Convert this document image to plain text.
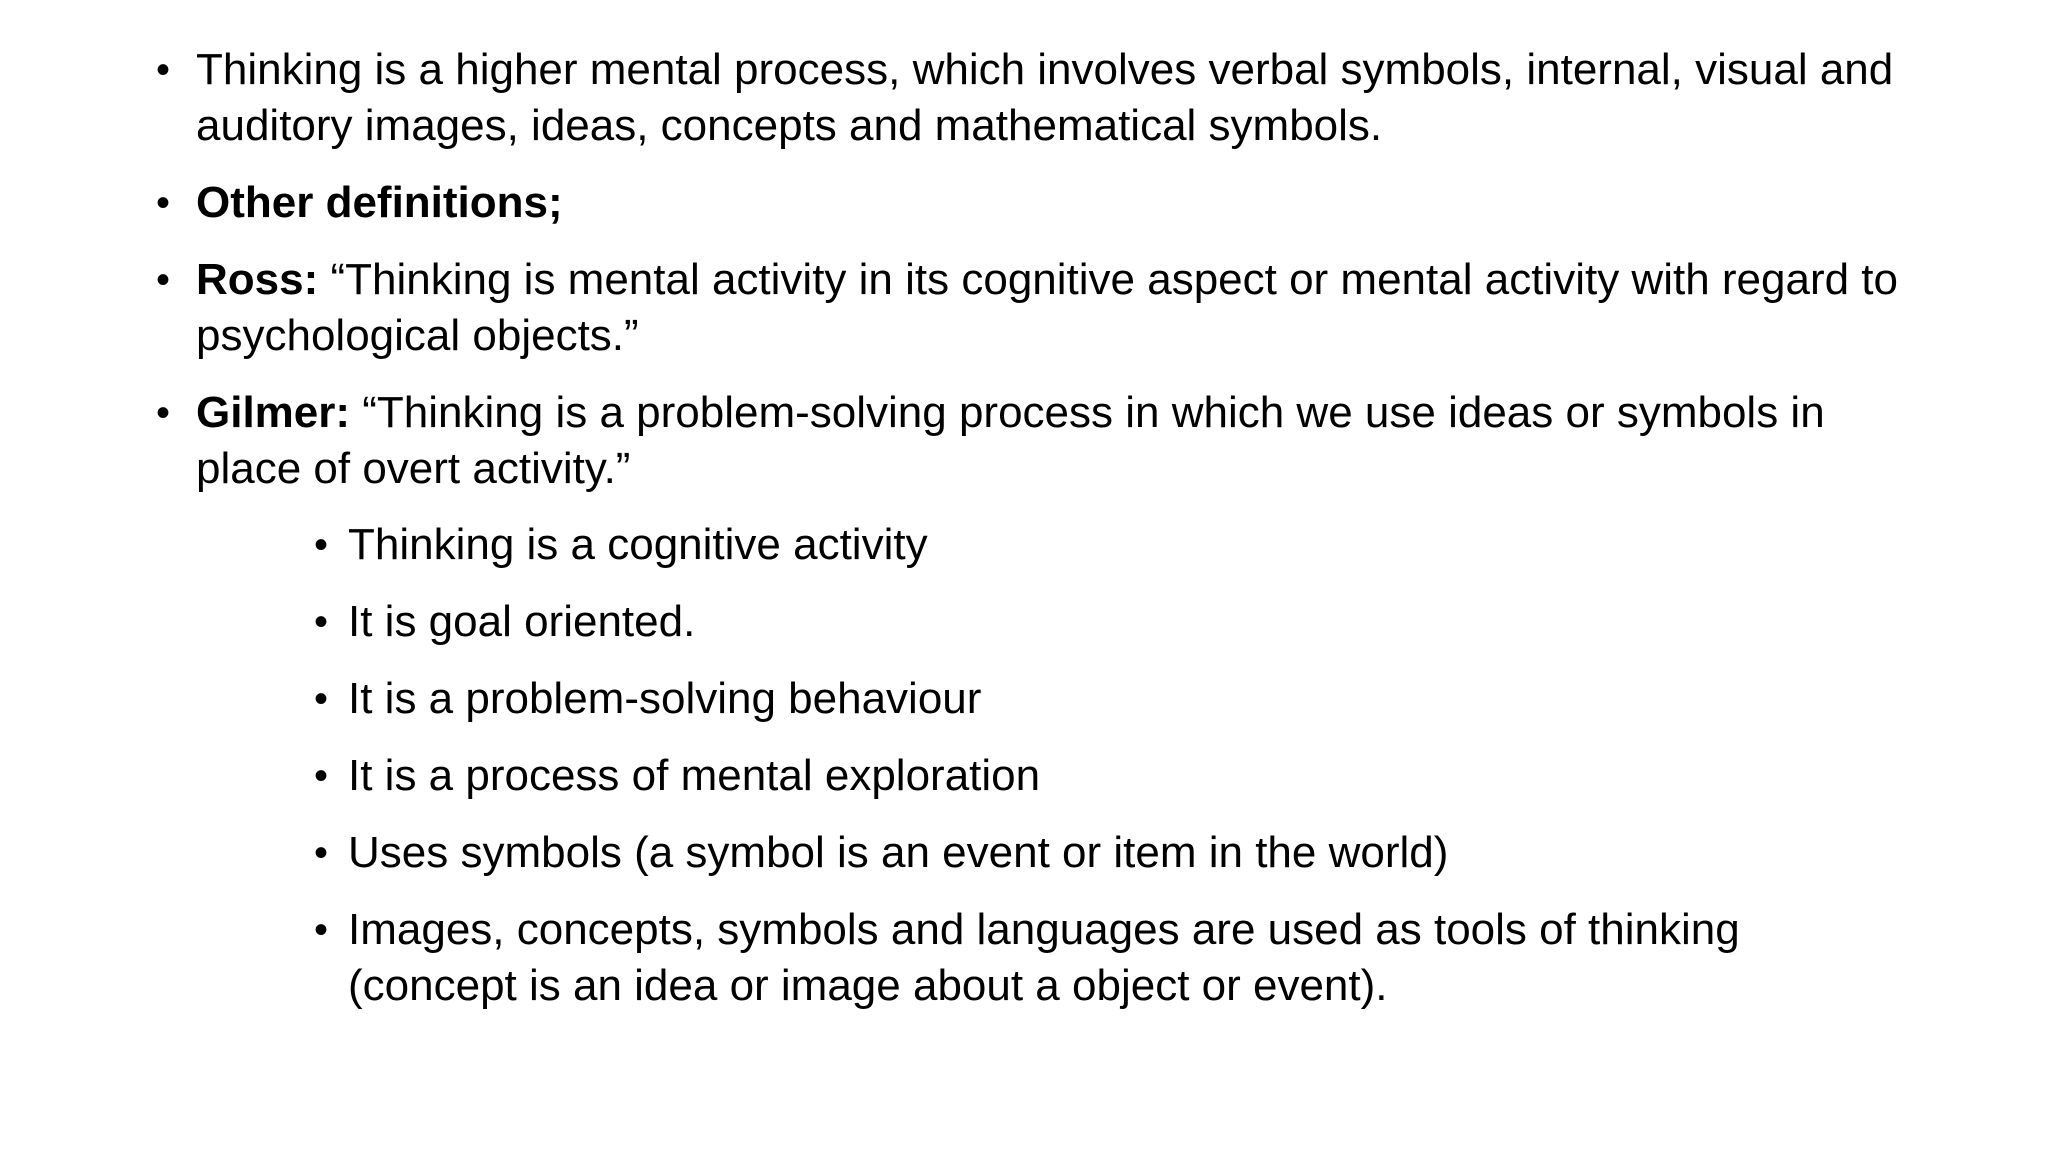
• Thinking is a higher mental process, which involves verbal symbols, internal, visual and auditory images, ideas, concepts and mathematical symbols.
• Other definitions;
• Ross: “Thinking is mental activity in its cognitive aspect or mental activity with regard to psychological objects.”
• Gilmer: “Thinking is a problem-solving process in which we use ideas or symbols in place of overt activity.”
• Thinking is a cognitive activity
• It is goal oriented.
• It is a problem-solving behaviour
• It is a process of mental exploration
• Uses symbols (a symbol is an event or item in the world)
• Images, concepts, symbols and languages are used as tools of thinking (concept is an idea or image about a object or event).
